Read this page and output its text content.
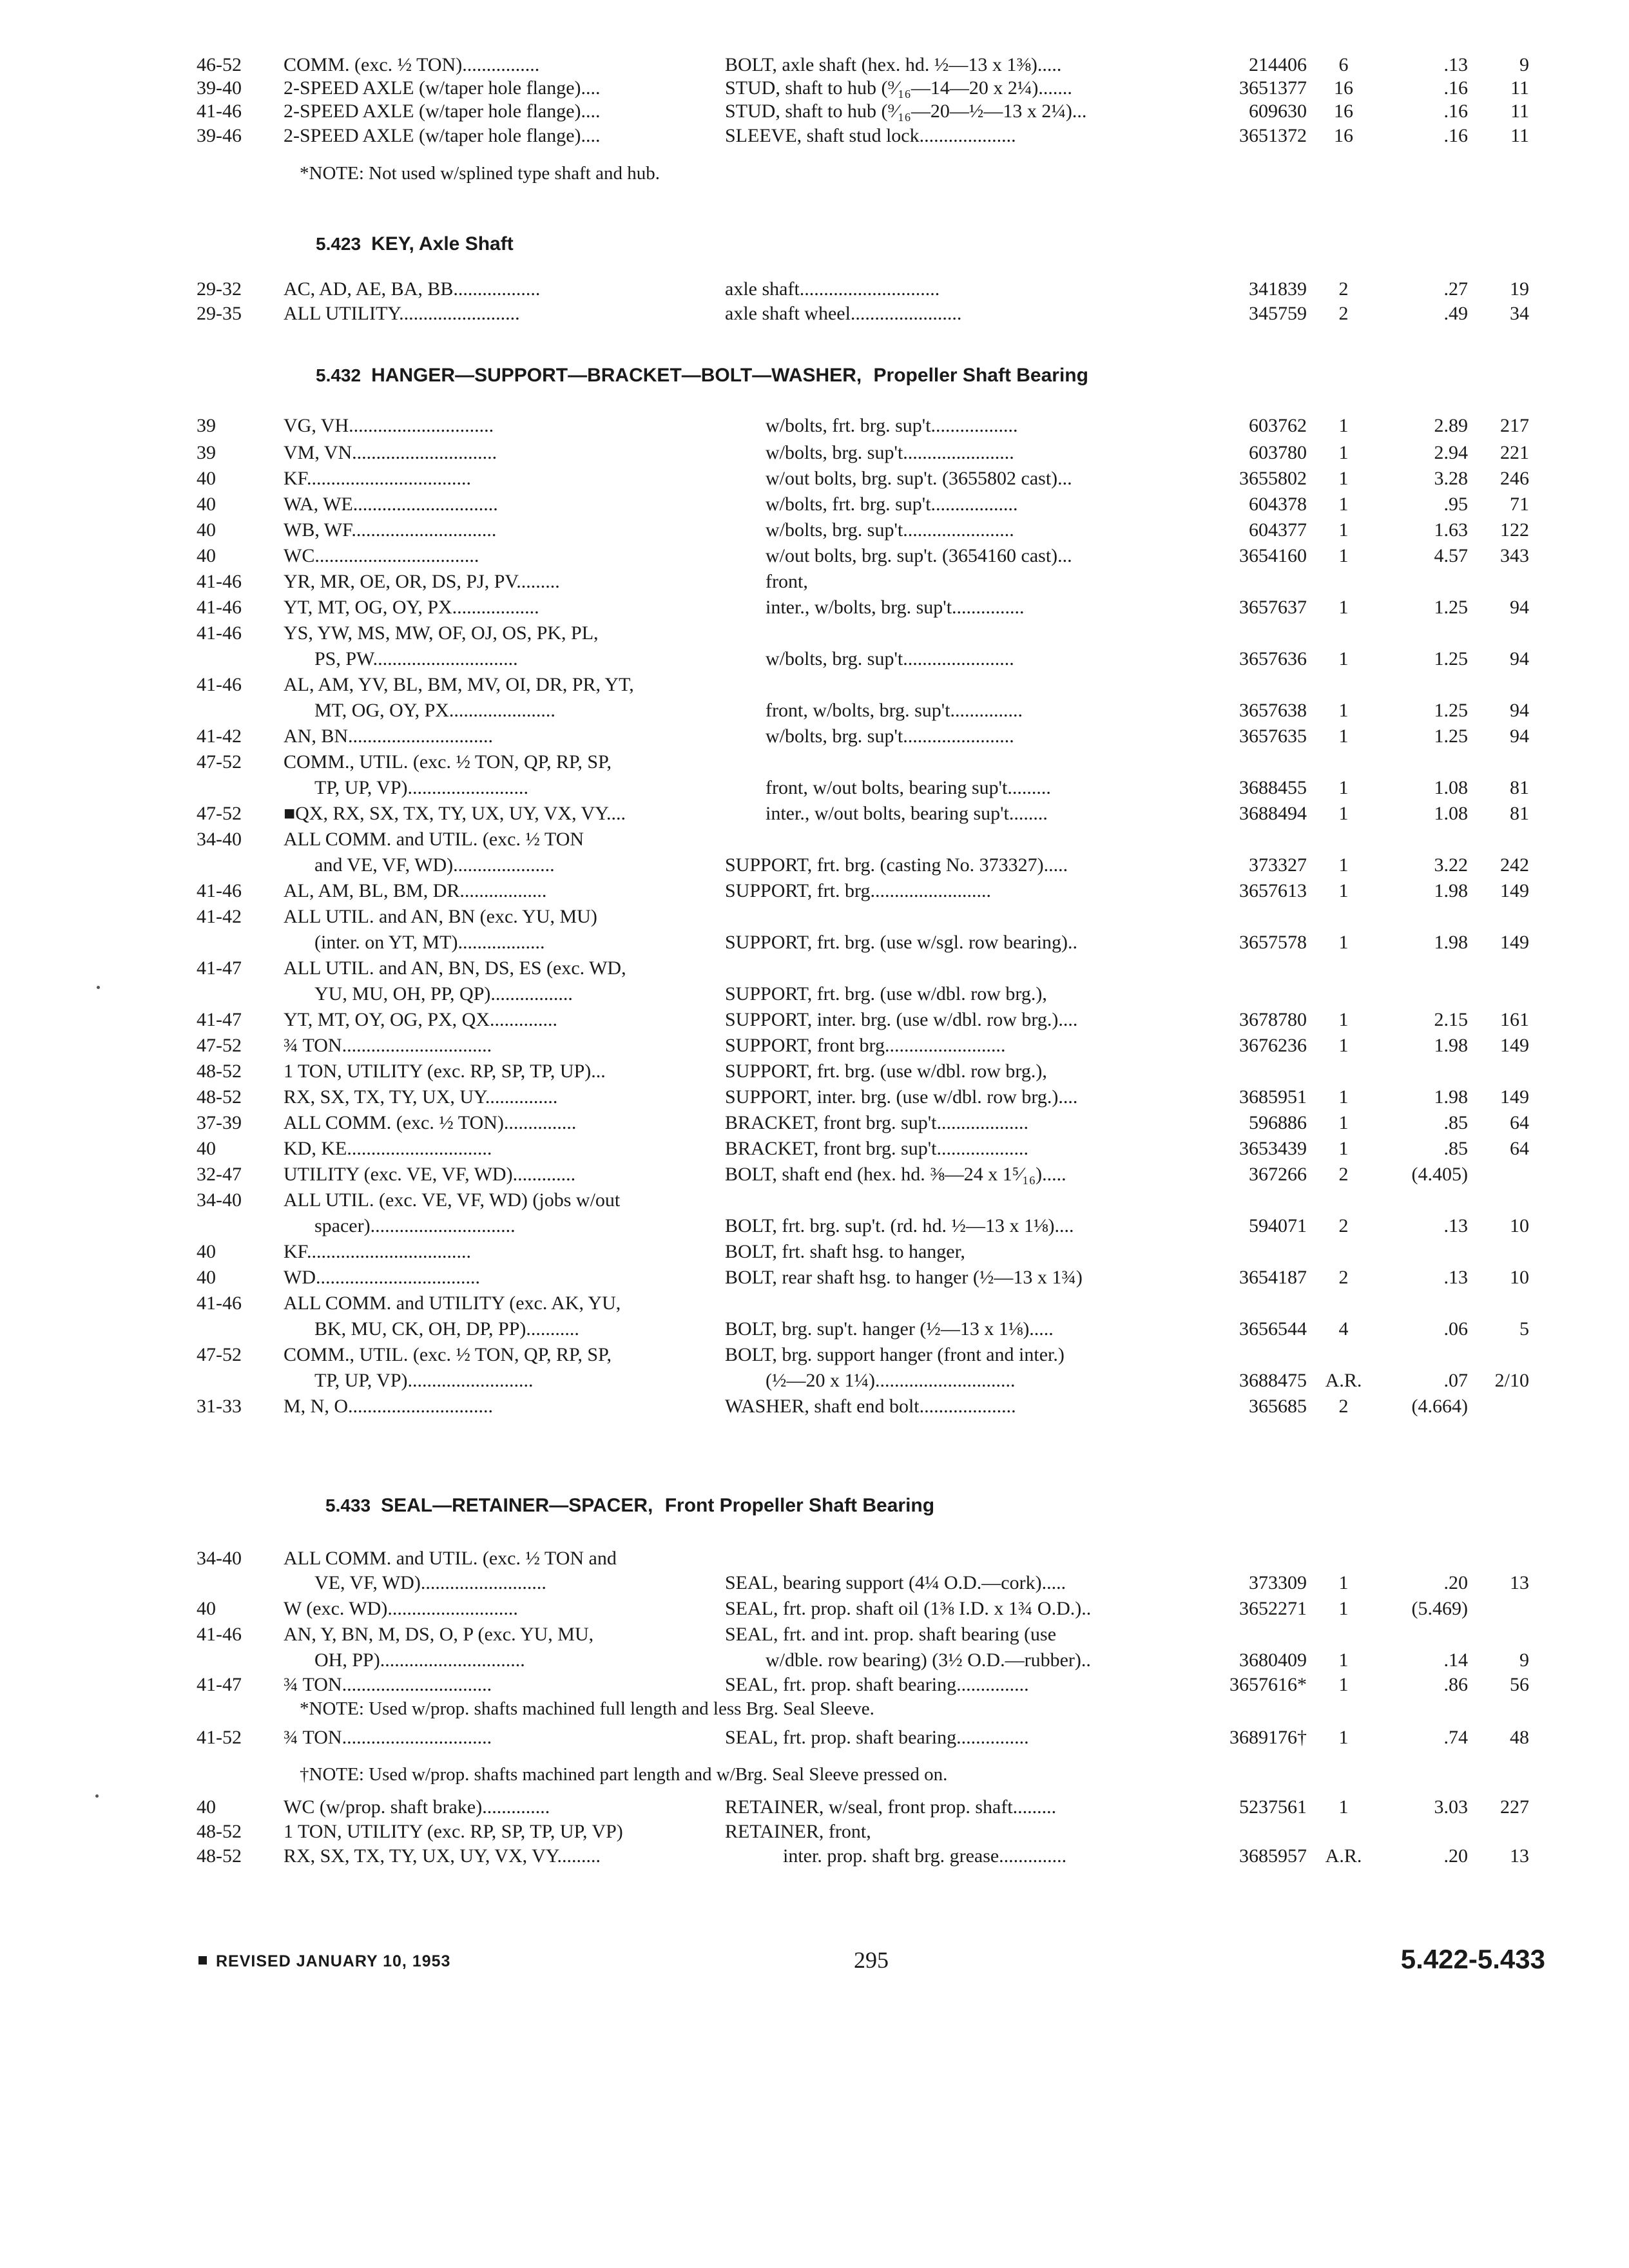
46-52 COMM. (exc. ½ TON)................	BOLT, axle shaft (hex. hd. ½—13 x 1⅜).....	214406	6	.13	9
39-40 2-SPEED AXLE (w/taper hole flange)....	STUD, shaft to hub (⁹⁄₁₆—14—20 x 2¼).......	3651377	16	.16 11
41-46 2-SPEED AXLE (w/taper hole flange)....	STUD, shaft to hub (⁹⁄₁₆—20—½—13 x 2¼)...	609630	16	.16 11
39-46 2-SPEED AXLE (w/taper hole flange)....	SLEEVE, shaft stud lock....................	3651372	16	.16 11
*NOTE: Not used w/splined type shaft and hub.
5.423 KEY, Axle Shaft
29-32 AC, AD, AE, BA, BB..................	axle shaft.............................	341839	2	.27 19
29-35 ALL UTILITY.........................	axle shaft wheel.......................	345759	2	.49 34
5.432 HANGER—SUPPORT—BRACKET—BOLT—WASHER, Propeller Shaft Bearing
39	VG, VH..............................	w/bolts, frt. brg. sup't..................	603762	1	2.89 217
39	VM, VN..............................	w/bolts, brg. sup't.......................	603780	1	2.94 221
40	KF..................................	w/out bolts, brg. sup't. (3655802 cast)...	3655802	1	3.28 246
40	WA, WE..............................	w/bolts, frt. brg. sup't..................	604378	1	.95 71
40	WB, WF..............................	w/bolts, brg. sup't.......................	604377	1	1.63 122
40	WC..................................	w/out bolts, brg. sup't. (3654160 cast)...	3654160	1	4.57 343
41-46 YR, MR, OE, OR, DS, PJ, PV.........	front,
41-46 YT, MT, OG, OY, PX..................	inter., w/bolts, brg. sup't...............	3657637	1	1.25 94
41-46 YS, YW, MS, MW, OF, OJ, OS, PK, PL,
PS, PW..............................	w/bolts, brg. sup't.......................	3657636	1	1.25 94
41-46 AL, AM, YV, BL, BM, MV, OI, DR, PR, YT,
MT, OG, OY, PX......................	front, w/bolts, brg. sup't...............	3657638	1	1.25 94
41-42 AN, BN..............................	w/bolts, brg. sup't.......................	3657635	1	1.25 94
47-52 COMM., UTIL. (exc. ½ TON, QP, RP, SP,
TP, UP, VP).........................	front, w/out bolts, bearing sup't.........	3688455	1	1.08 81
47-52 ■QX, RX, SX, TX, TY, UX, UY, VX, VY....	inter., w/out bolts, bearing sup't........	3688494	1	1.08 81
34-40 ALL COMM. and UTIL. (exc. ½ TON
and VE, VF, WD).....................	SUPPORT, frt. brg. (casting No. 373327).....	373327	1	3.22 242
41-46 AL, AM, BL, BM, DR..................	SUPPORT, frt. brg.........................	3657613	1	1.98 149
41-42 ALL UTIL. and AN, BN (exc. YU, MU)
(inter. on YT, MT)..................	SUPPORT, frt. brg. (use w/sgl. row bearing)..	3657578	1	1.98 149
41-47 ALL UTIL. and AN, BN, DS, ES (exc. WD,
YU, MU, OH, PP, QP).................	SUPPORT, frt. brg. (use w/dbl. row brg.),
41-47 YT, MT, OY, OG, PX, QX..............	SUPPORT, inter. brg. (use w/dbl. row brg.)....	3678780	1	2.15 161
47-52 ¾ TON...............................	SUPPORT, front brg.........................	3676236	1	1.98 149
48-52 1 TON, UTILITY (exc. RP, SP, TP, UP)...	SUPPORT, frt. brg. (use w/dbl. row brg.),
48-52 RX, SX, TX, TY, UX, UY...............	SUPPORT, inter. brg. (use w/dbl. row brg.)....	3685951	1	1.98 149
37-39 ALL COMM. (exc. ½ TON)...............	BRACKET, front brg. sup't...................	596886	1	.85 64
40	KD, KE..............................	BRACKET, front brg. sup't...................	3653439	1	.85 64
32-47 UTILITY (exc. VE, VF, WD).............	BOLT, shaft end (hex. hd. ⅜—24 x 1⁵⁄₁₆).....	367266	2	(4.405)
34-40 ALL UTIL. (exc. VE, VF, WD) (jobs w/out
spacer)..............................	BOLT, frt. brg. sup't. (rd. hd. ½—13 x 1⅛)....	594071	2	.13 10
40	KF..................................	BOLT, frt. shaft hsg. to hanger,
40	WD..................................	BOLT, rear shaft hsg. to hanger (½—13 x 1¾)	3654187	2	.13 10
41-46 ALL COMM. and UTILITY (exc. AK, YU,
BK, MU, CK, OH, DP, PP)...........	BOLT, brg. sup't. hanger (½—13 x 1⅛).....	3656544	4	.06	5
47-52 COMM., UTIL. (exc. ½ TON, QP, RP, SP,	BOLT, brg. support hanger (front and inter.)
TP, UP, VP)..........................	(½—20 x 1¼).............................	3688475 A.R.	.07 2/10
31-33 M, N, O..............................	WASHER, shaft end bolt....................	365685	2	(4.664)
5.433 SEAL—RETAINER—SPACER, Front Propeller Shaft Bearing
34-40 ALL COMM. and UTIL. (exc. ½ TON and
VE, VF, WD)..........................	SEAL, bearing support (4¼ O.D.—cork).....	373309	1	.20 13
40	W (exc. WD)...........................	SEAL, frt. prop. shaft oil (1⅜ I.D. x 1¾ O.D.)..	3652271	1	(5.469)
41-46 AN, Y, BN, M, DS, O, P (exc. YU, MU,	SEAL, frt. and int. prop. shaft bearing (use
OH, PP)..............................	w/dble. row bearing) (3½ O.D.—rubber)..	3680409	1	.14	9
41-47 ¾ TON...............................	SEAL, frt. prop. shaft bearing...............	3657616*	1	.86 56
*NOTE: Used w/prop. shafts machined full length and less Brg. Seal Sleeve.
41-52 ¾ TON...............................	SEAL, frt. prop. shaft bearing...............	3689176†	1	.74 48
†NOTE: Used w/prop. shafts machined part length and w/Brg. Seal Sleeve pressed on.
40	WC (w/prop. shaft brake)..............	RETAINER, w/seal, front prop. shaft.........	5237561	1	3.03 227
48-52 1 TON, UTILITY (exc. RP, SP, TP, UP, VP)	RETAINER, front,
48-52 RX, SX, TX, TY, UX, UY, VX, VY.........	inter. prop. shaft brg. grease..............	3685957 A.R.	.20 13
REVISED JANUARY 10, 1953	295	5.422-5.433
